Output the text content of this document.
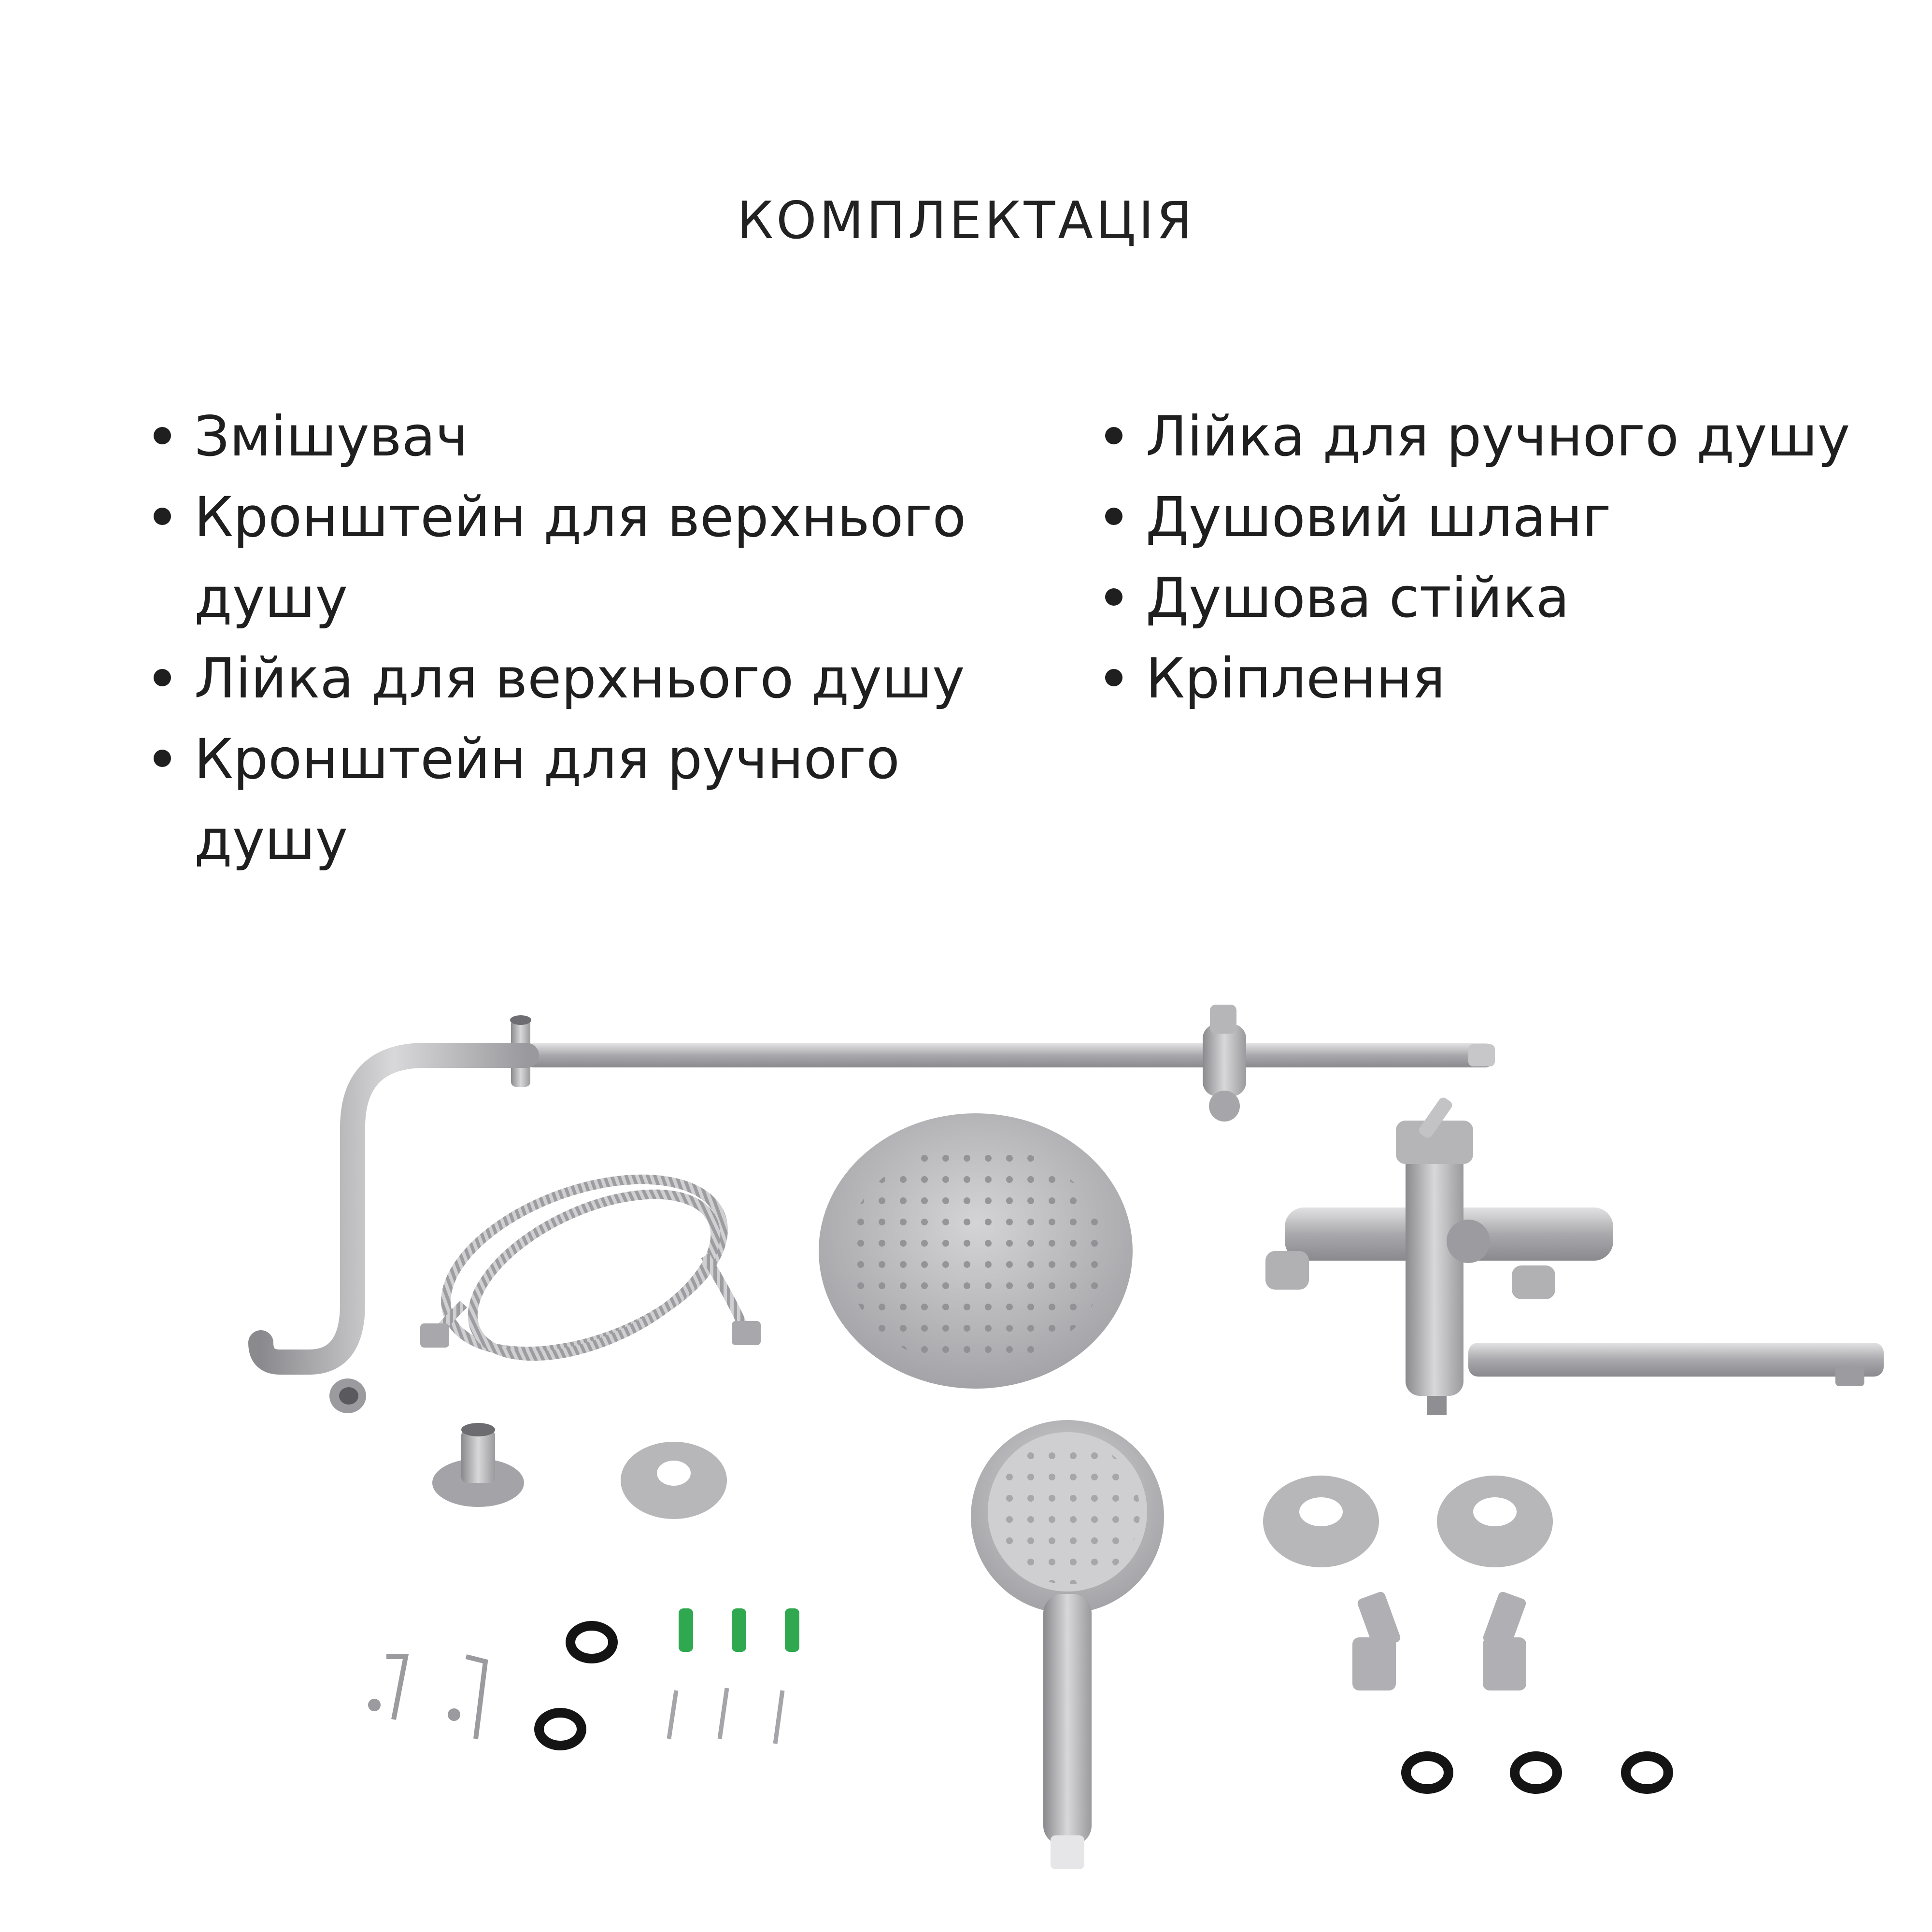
КОМПЛЕКТАЦІЯ
Змішувач
Кронштейн для верхнього душу
Лійка для верхнього душу
Кронштейн для ручного душу
Лійка для ручного душу
Душовий шланг
Душова стійка
Кріплення
